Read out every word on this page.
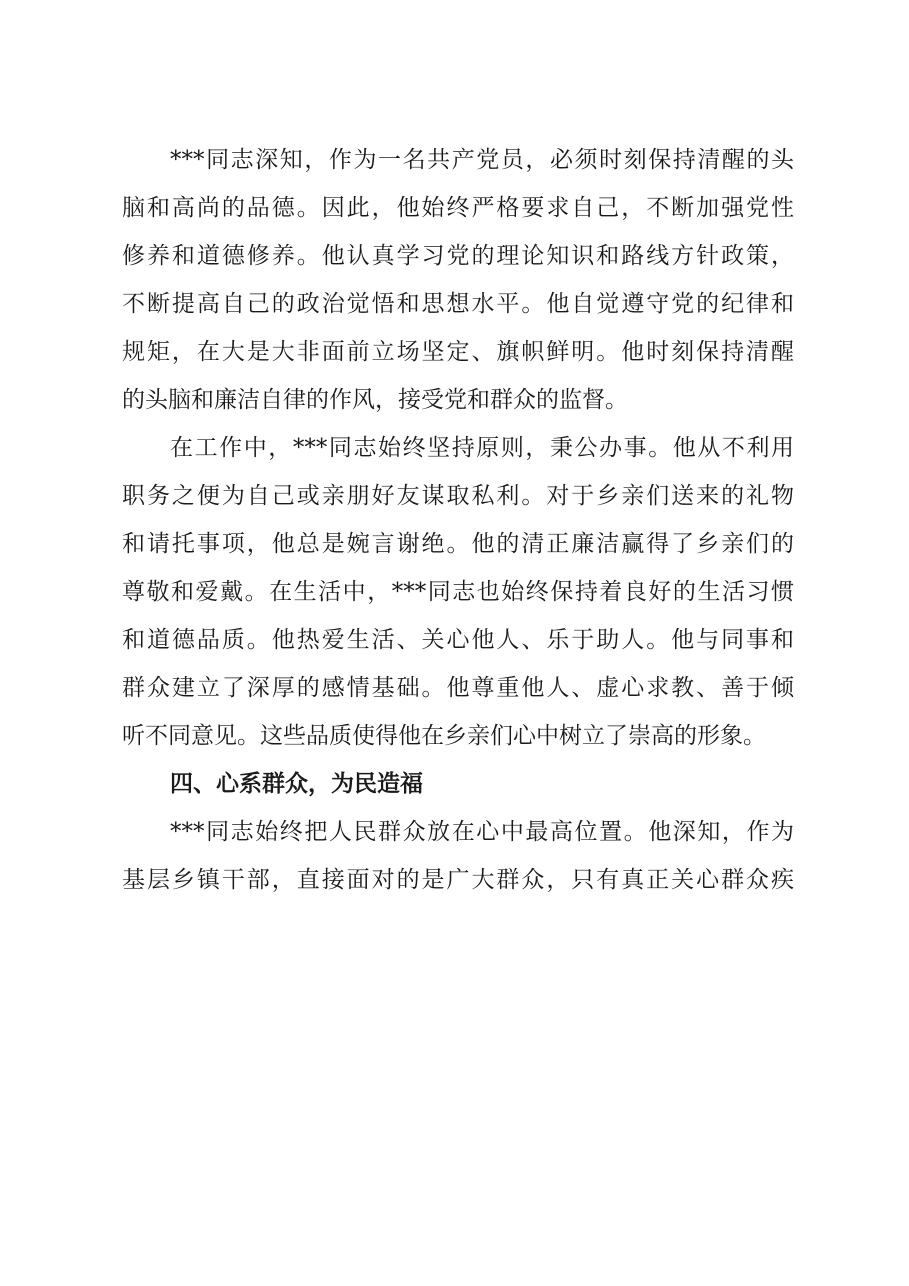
***同志深知，作为一名共产党员，必须时刻保持清醒的头
脑和高尚的品德。因此，他始终严格要求自己，不断加强党性
修养和道德修养。他认真学习党的理论知识和路线方针政策，
不断提高自己的政治觉悟和思想水平。他自觉遵守党的纪律和
规矩，在大是大非面前立场坚定、旗帜鲜明。他时刻保持清醒
的头脑和廉洁自律的作风，接受党和群众的监督。
在工作中，***同志始终坚持原则，秉公办事。他从不利用
职务之便为自己或亲朋好友谋取私利。对于乡亲们送来的礼物
和请托事项，他总是婉言谢绝。他的清正廉洁赢得了乡亲们的
尊敬和爱戴。在生活中，***同志也始终保持着良好的生活习惯
和道德品质。他热爱生活、关心他人、乐于助人。他与同事和
群众建立了深厚的感情基础。他尊重他人、虚心求教、善于倾
听不同意见。这些品质使得他在乡亲们心中树立了崇高的形象。
四、心系群众，为民造福
***同志始终把人民群众放在心中最高位置。他深知，作为
基层乡镇干部，直接面对的是广大群众，只有真正关心群众疾
